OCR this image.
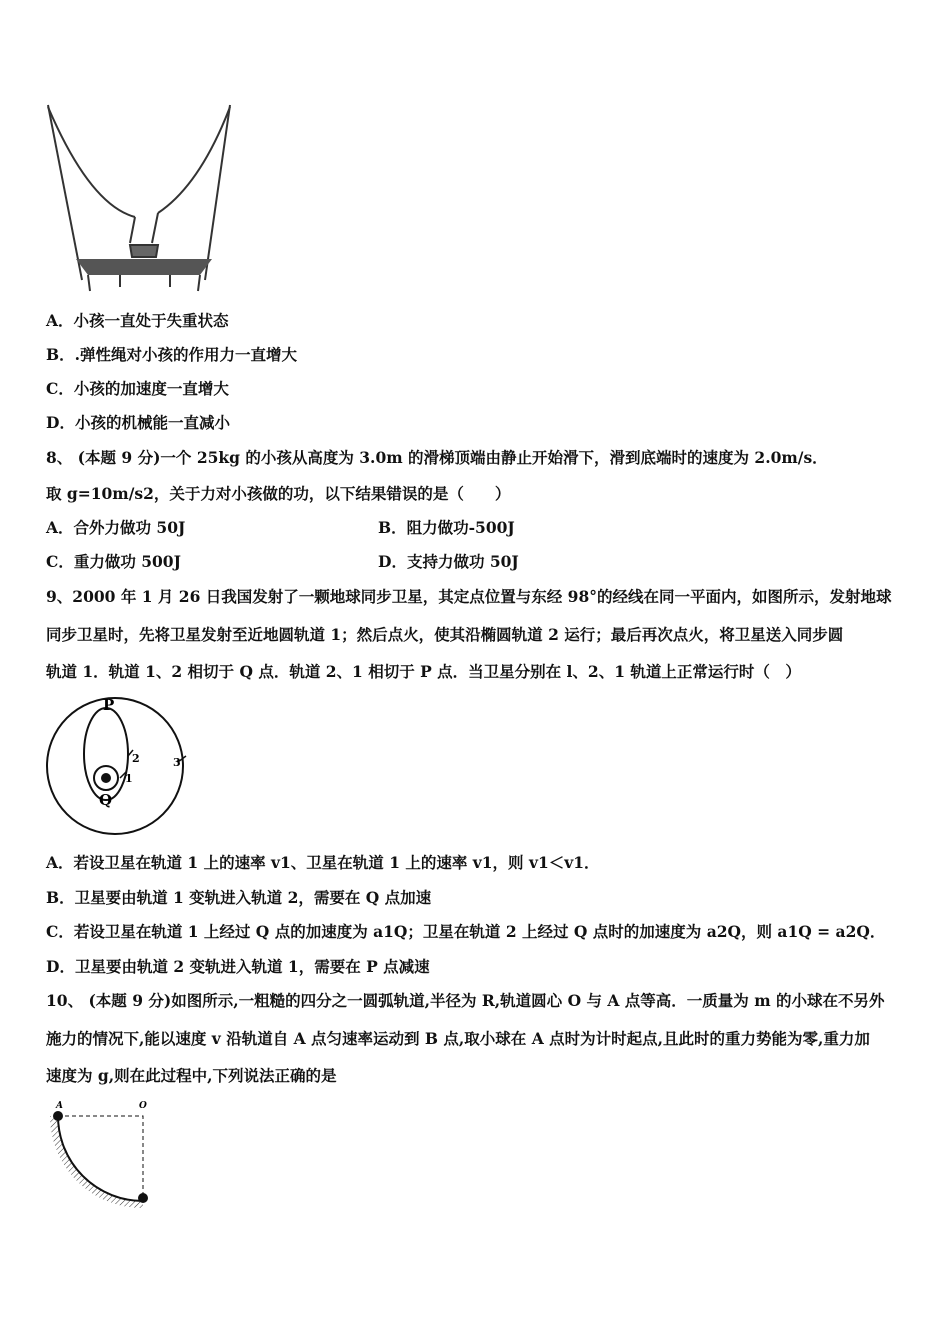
A．小孩一直处于失重状态
B．.弹性绳对小孩的作用力一直增大
C．小孩的加速度一直增大
D．小孩的机械能一直减小
8、 (本题 9 分)一个 25kg 的小孩从高度为 3.0m 的滑梯顶端由静止开始滑下，滑到底端时的速度为 2.0m/s．
取 g=10m/s2，关于力对小孩做的功，以下结果错误的是（　　）
A．合外力做功 50J	B．阻力做功-500J
C．重力做功 500J	D．支持力做功 50J
9、2000 年 1 月 26 日我国发射了一颗地球同步卫星，其定点位置与东经 98°的经线在同一平面内，如图所示，发射地球
同步卫星时，先将卫星发射至近地圆轨道 1；然后点火，使其沿椭圆轨道 2 运行；最后再次点火，将卫星送入同步圆
轨道 1．轨道 1、2 相切于 Q 点．轨道 2、1 相切于 P 点．当卫星分别在 l、2、1 轨道上正常运行时（　）
P
Q
1
2	3
A．若设卫星在轨道 1 上的速率 v1、卫星在轨道 1 上的速率 v1，则 v1＜v1．
B．卫星要由轨道 1 变轨进入轨道 2，需要在 Q 点加速
C．若设卫星在轨道 1 上经过 Q 点的加速度为 a1Q；卫星在轨道 2 上经过 Q 点时的加速度为 a2Q，则 a1Q = a2Q．
D．卫星要由轨道 2 变轨进入轨道 1，需要在 P 点减速
10、 (本题 9 分)如图所示,一粗糙的四分之一圆弧轨道,半径为 R,轨道圆心 O 与 A 点等高．一质量为 m 的小球在不另外
施力的情况下,能以速度 v 沿轨道自 A 点匀速率运动到 B 点,取小球在 A 点时为计时起点,且此时的重力势能为零,重力加
速度为 g,则在此过程中,下列说法正确的是
A	O
